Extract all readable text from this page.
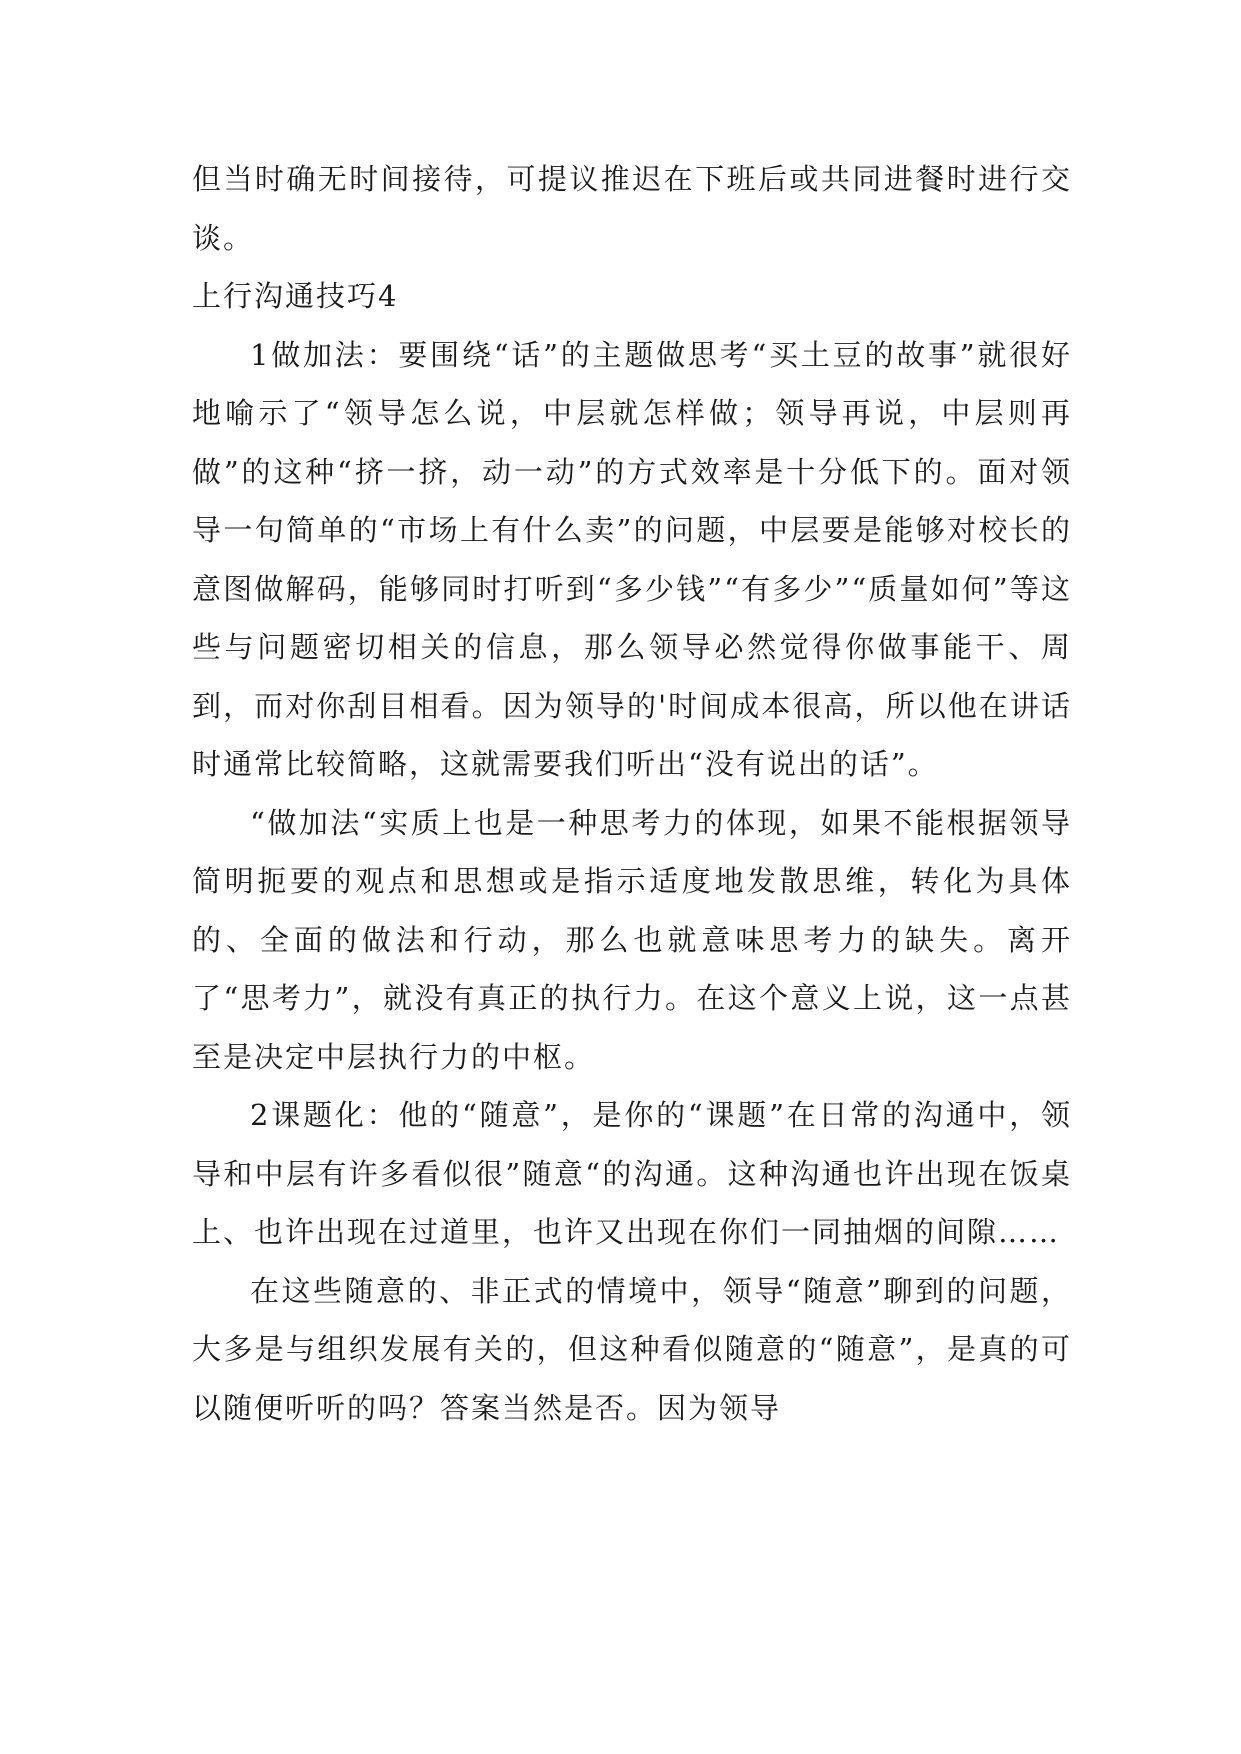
但当时确无时间接待，可提议推迟在下班后或共同进餐时进行交谈。

上行沟通技巧4

1做加法：要围绕“话”的主题做思考“买土豆的故事”就很好地喻示了“领导怎么说，中层就怎样做；领导再说，中层则再做”的这种“挤一挤，动一动”的方式效率是十分低下的。面对领导一句简单的“市场上有什么卖”的问题，中层要是能够对校长的意图做解码，能够同时打听到“多少钱”“有多少”“质量如何”等这些与问题密切相关的信息，那么领导必然觉得你做事能干、周到，而对你刮目相看。因为领导的'时间成本很高，所以他在讲话时通常比较简略，这就需要我们听出“没有说出的话”。

“做加法“实质上也是一种思考力的体现，如果不能根据领导简明扼要的观点和思想或是指示适度地发散思维，转化为具体的、全面的做法和行动，那么也就意味思考力的缺失。离开了“思考力”，就没有真正的执行力。在这个意义上说，这一点甚至是决定中层执行力的中枢。

2课题化：他的“随意”，是你的“课题”在日常的沟通中，领导和中层有许多看似很”随意“的沟通。这种沟通也许出现在饭桌上、也许出现在过道里，也许又出现在你们一同抽烟的间隙……

在这些随意的、非正式的情境中，领导“随意”聊到的问题，大多是与组织发展有关的，但这种看似随意的“随意”，是真的可以随便听听的吗？答案当然是否。因为领导
